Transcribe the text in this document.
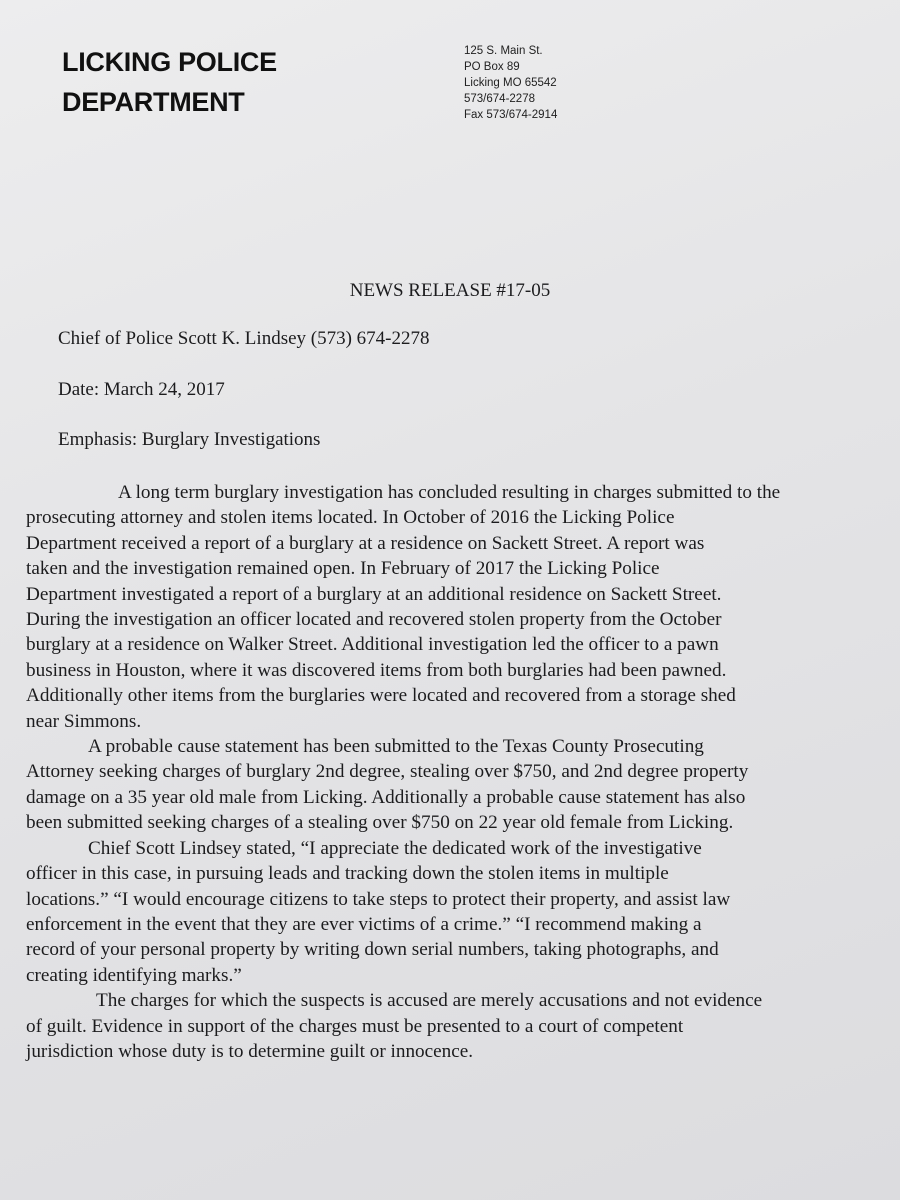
LICKING POLICE
DEPARTMENT
125 S. Main St.
PO Box 89
Licking MO 65542
573/674-2278
Fax 573/674-2914
NEWS RELEASE #17-05
Chief of Police Scott K. Lindsey (573) 674-2278
Date: March 24, 2017
Emphasis: Burglary Investigations

A long term burglary investigation has concluded resulting in charges submitted to the
prosecuting attorney and stolen items located. In October of 2016 the Licking Police
Department received a report of a burglary at a residence on Sackett Street. A report was
taken and the investigation remained open. In February of 2017 the Licking Police
Department investigated a report of a burglary at an additional residence on Sackett Street.
During the investigation an officer located and recovered stolen property from the October
burglary at a residence on Walker Street. Additional investigation led the officer to a pawn
business in Houston, where it was discovered items from both burglaries had been pawned.
Additionally other items from the burglaries were located and recovered from a storage shed
near Simmons.

A probable cause statement has been submitted to the Texas County Prosecuting
Attorney seeking charges of burglary 2nd degree, stealing over $750, and 2nd degree property
damage on a 35 year old male from Licking. Additionally a probable cause statement has also
been submitted seeking charges of a stealing over $750 on 22 year old female from Licking.

Chief Scott Lindsey stated, “I appreciate the dedicated work of the investigative
officer in this case, in pursuing leads and tracking down the stolen items in multiple
locations.” “I would encourage citizens to take steps to protect their property, and assist law
enforcement in the event that they are ever victims of a crime.” “I recommend making a
record of your personal property by writing down serial numbers, taking photographs, and
creating identifying marks.”

The charges for which the suspects is accused are merely accusations and not evidence
of guilt. Evidence in support of the charges must be presented to a court of competent
jurisdiction whose duty is to determine guilt or innocence.
